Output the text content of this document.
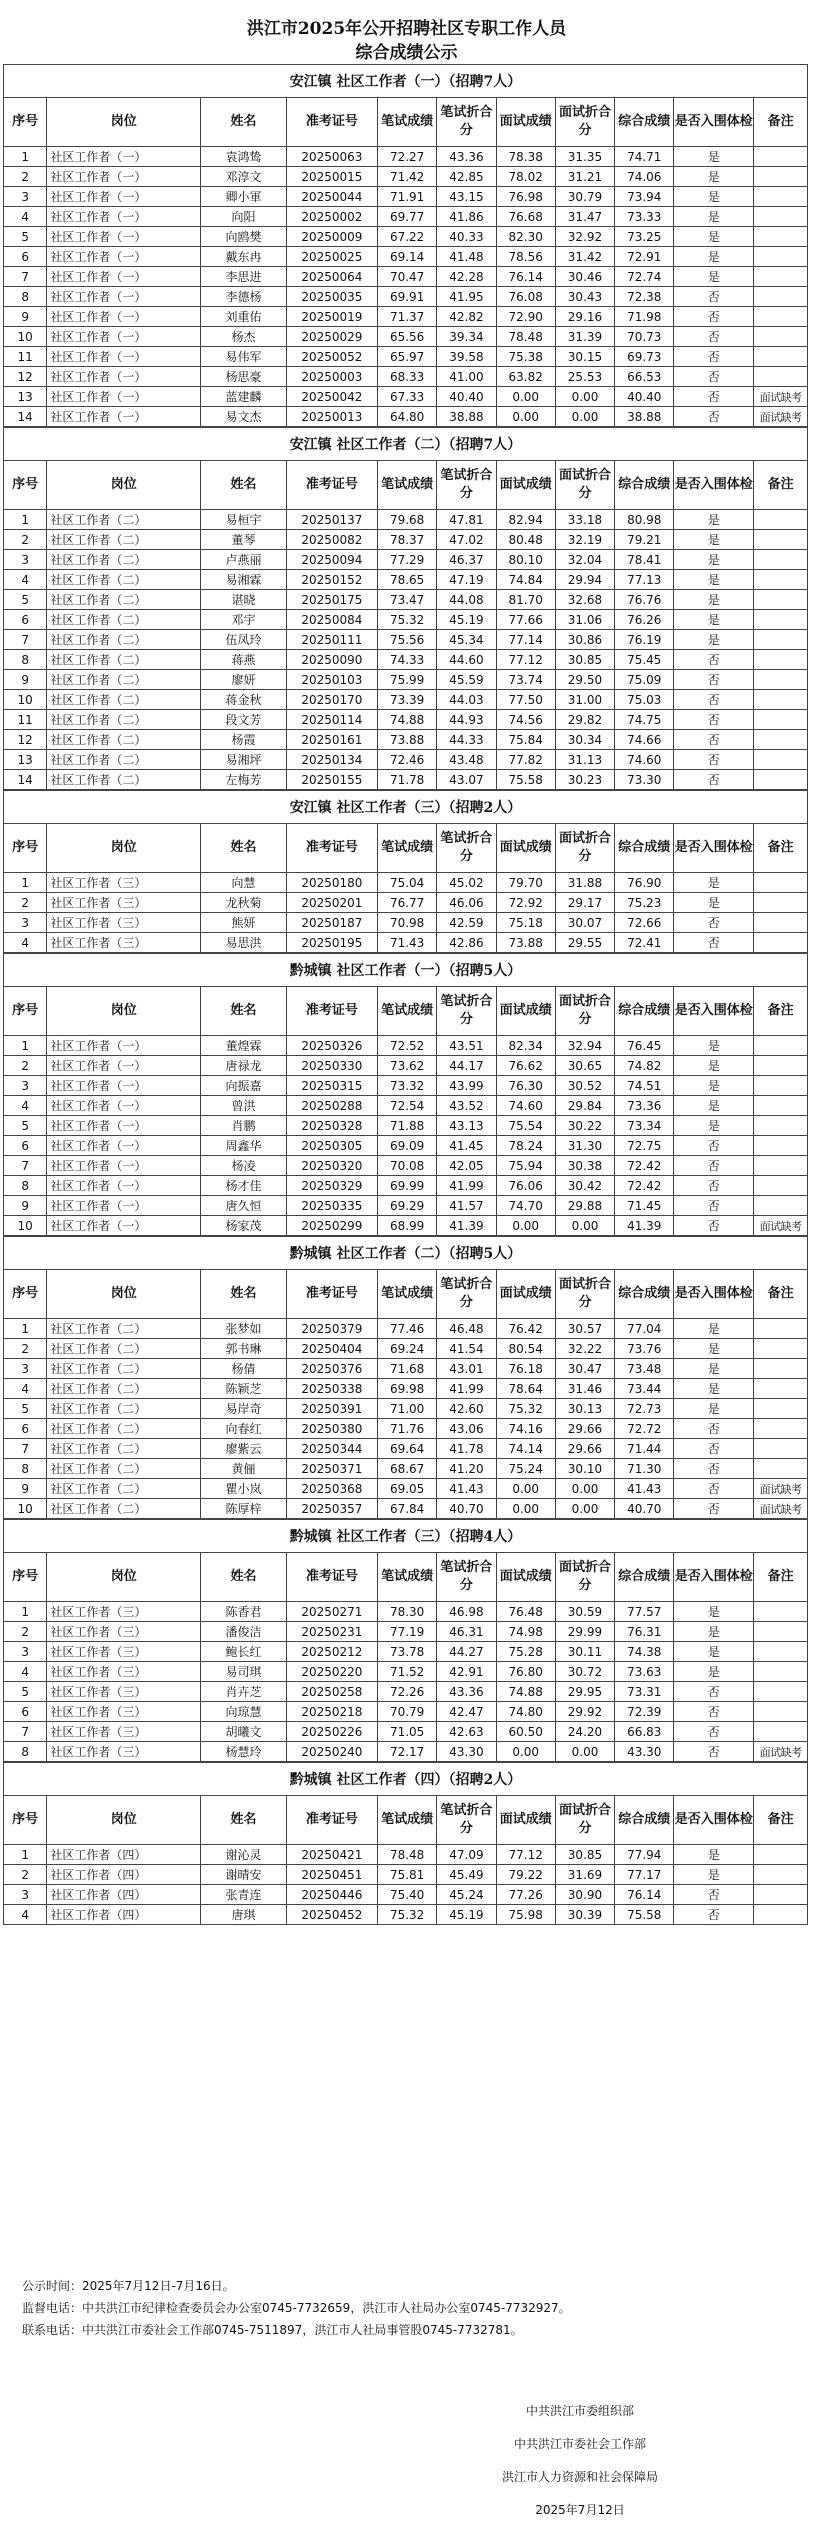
洪江市2025年公开招聘社区专职工作人员
综合成绩公示
安江镇 社区工作者（一）（招聘7人）										
序号	岗位	姓名	准考证号	笔试成绩	笔试折合分	面试成绩	面试折合分	综合成绩	是否入围体检	备注
1	社区工作者（一）	袁鸿鸷	20250063	72.27	43.36	78.38	31.35	74.71	是	
2	社区工作者（一）	邓淳文	20250015	71.42	42.85	78.02	31.21	74.06	是	
3	社区工作者（一）	卿小軍	20250044	71.91	43.15	76.98	30.79	73.94	是	
4	社区工作者（一）	向阳	20250002	69.77	41.86	76.68	31.47	73.33	是	
5	社区工作者（一）	向鸥樊	20250009	67.22	40.33	82.30	32.92	73.25	是	
6	社区工作者（一）	戴东冉	20250025	69.14	41.48	78.56	31.42	72.91	是	
7	社区工作者（一）	李思进	20250064	70.47	42.28	76.14	30.46	72.74	是	
8	社区工作者（一）	李德杨	20250035	69.91	41.95	76.08	30.43	72.38	否	
9	社区工作者（一）	刘重佑	20250019	71.37	42.82	72.90	29.16	71.98	否	
10	社区工作者（一）	杨杰	20250029	65.56	39.34	78.48	31.39	70.73	否	
11	社区工作者（一）	易伟军	20250052	65.97	39.58	75.38	30.15	69.73	否	
12	社区工作者（一）	杨思豪	20250003	68.33	41.00	63.82	25.53	66.53	否	
13	社区工作者（一）	蓝建麟	20250042	67.33	40.40	0.00	0.00	40.40	否	面试缺考
14	社区工作者（一）	易文杰	20250013	64.80	38.88	0.00	0.00	38.88	否	面试缺考
安江镇 社区工作者（二）（招聘7人）										
序号	岗位	姓名	准考证号	笔试成绩	笔试折合分	面试成绩	面试折合分	综合成绩	是否入围体检	备注
1	社区工作者（二）	易桓宇	20250137	79.68	47.81	82.94	33.18	80.98	是	
2	社区工作者（二）	董琴	20250082	78.37	47.02	80.48	32.19	79.21	是	
3	社区工作者（二）	卢燕丽	20250094	77.29	46.37	80.10	32.04	78.41	是	
4	社区工作者（二）	易湘霖	20250152	78.65	47.19	74.84	29.94	77.13	是	
5	社区工作者（二）	谌晓	20250175	73.47	44.08	81.70	32.68	76.76	是	
6	社区工作者（二）	邓宇	20250084	75.32	45.19	77.66	31.06	76.26	是	
7	社区工作者（二）	伍凤玲	20250111	75.56	45.34	77.14	30.86	76.19	是	
8	社区工作者（二）	蒋燕	20250090	74.33	44.60	77.12	30.85	75.45	否	
9	社区工作者（二）	廖妍	20250103	75.99	45.59	73.74	29.50	75.09	否	
10	社区工作者（二）	蒋金秋	20250170	73.39	44.03	77.50	31.00	75.03	否	
11	社区工作者（二）	段文芳	20250114	74.88	44.93	74.56	29.82	74.75	否	
12	社区工作者（二）	杨霞	20250161	73.88	44.33	75.84	30.34	74.66	否	
13	社区工作者（二）	易湘坪	20250134	72.46	43.48	77.82	31.13	74.60	否	
14	社区工作者（二）	左梅芳	20250155	71.78	43.07	75.58	30.23	73.30	否	
安江镇 社区工作者（三）（招聘2人）										
序号	岗位	姓名	准考证号	笔试成绩	笔试折合分	面试成绩	面试折合分	综合成绩	是否入围体检	备注
1	社区工作者（三）	向慧	20250180	75.04	45.02	79.70	31.88	76.90	是	
2	社区工作者（三）	龙秋菊	20250201	76.77	46.06	72.92	29.17	75.23	是	
3	社区工作者（三）	熊妍	20250187	70.98	42.59	75.18	30.07	72.66	否	
4	社区工作者（三）	易思洪	20250195	71.43	42.86	73.88	29.55	72.41	否	
黔城镇 社区工作者（一）（招聘5人）										
序号	岗位	姓名	准考证号	笔试成绩	笔试折合分	面试成绩	面试折合分	综合成绩	是否入围体检	备注
1	社区工作者（一）	董煌霖	20250326	72.52	43.51	82.34	32.94	76.45	是	
2	社区工作者（一）	唐禄龙	20250330	73.62	44.17	76.62	30.65	74.82	是	
3	社区工作者（一）	向振嘉	20250315	73.32	43.99	76.30	30.52	74.51	是	
4	社区工作者（一）	曾洪	20250288	72.54	43.52	74.60	29.84	73.36	是	
5	社区工作者（一）	肖鹏	20250328	71.88	43.13	75.54	30.22	73.34	是	
6	社区工作者（一）	周鑫华	20250305	69.09	41.45	78.24	31.30	72.75	否	
7	社区工作者（一）	杨凌	20250320	70.08	42.05	75.94	30.38	72.42	否	
8	社区工作者（一）	杨才佳	20250329	69.99	41.99	76.06	30.42	72.42	否	
9	社区工作者（一）	唐久恒	20250335	69.29	41.57	74.70	29.88	71.45	否	
10	社区工作者（一）	杨家茂	20250299	68.99	41.39	0.00	0.00	41.39	否	面试缺考
黔城镇 社区工作者（二）（招聘5人）										
序号	岗位	姓名	准考证号	笔试成绩	笔试折合分	面试成绩	面试折合分	综合成绩	是否入围体检	备注
1	社区工作者（二）	张梦如	20250379	77.46	46.48	76.42	30.57	77.04	是	
2	社区工作者（二）	郭书琳	20250404	69.24	41.54	80.54	32.22	73.76	是	
3	社区工作者（二）	杨倩	20250376	71.68	43.01	76.18	30.47	73.48	是	
4	社区工作者（二）	陈颖芝	20250338	69.98	41.99	78.64	31.46	73.44	是	
5	社区工作者（二）	易岸奇	20250391	71.00	42.60	75.32	30.13	72.73	是	
6	社区工作者（二）	向春红	20250380	71.76	43.06	74.16	29.66	72.72	否	
7	社区工作者（二）	廖紫云	20250344	69.64	41.78	74.14	29.66	71.44	否	
8	社区工作者（二）	黄俪	20250371	68.67	41.20	75.24	30.10	71.30	否	
9	社区工作者（二）	瞿小岚	20250368	69.05	41.43	0.00	0.00	41.43	否	面试缺考
10	社区工作者（二）	陈厚梓	20250357	67.84	40.70	0.00	0.00	40.70	否	面试缺考
黔城镇 社区工作者（三）（招聘4人）										
序号	岗位	姓名	准考证号	笔试成绩	笔试折合分	面试成绩	面试折合分	综合成绩	是否入围体检	备注
1	社区工作者（三）	陈香君	20250271	78.30	46.98	76.48	30.59	77.57	是	
2	社区工作者（三）	潘俊洁	20250231	77.19	46.31	74.98	29.99	76.31	是	
3	社区工作者（三）	鲍长红	20250212	73.78	44.27	75.28	30.11	74.38	是	
4	社区工作者（三）	易司琪	20250220	71.52	42.91	76.80	30.72	73.63	是	
5	社区工作者（三）	肖卉芝	20250258	72.26	43.36	74.88	29.95	73.31	否	
6	社区工作者（三）	向琼慧	20250218	70.79	42.47	74.80	29.92	72.39	否	
7	社区工作者（三）	胡曦文	20250226	71.05	42.63	60.50	24.20	66.83	否	
8	社区工作者（三）	杨慧玲	20250240	72.17	43.30	0.00	0.00	43.30	否	面试缺考
黔城镇 社区工作者（四）（招聘2人）										
序号	岗位	姓名	准考证号	笔试成绩	笔试折合分	面试成绩	面试折合分	综合成绩	是否入围体检	备注
1	社区工作者（四）	谢沁灵	20250421	78.48	47.09	77.12	30.85	77.94	是	
2	社区工作者（四）	谢晴安	20250451	75.81	45.49	79.22	31.69	77.17	是	
3	社区工作者（四）	张青连	20250446	75.40	45.24	77.26	30.90	76.14	否	
4	社区工作者（四）	唐琪	20250452	75.32	45.19	75.98	30.39	75.58	否	
公示时间：2025年7月12日-7月16日。
监督电话：中共洪江市纪律检查委员会办公室0745-7732659，洪江市人社局办公室0745-7732927。
联系电话：中共洪江市委社会工作部0745-7511897，洪江市人社局事管股0745-7732781。
中共洪江市委组织部
中共洪江市委社会工作部
洪江市人力资源和社会保障局
2025年7月12日
